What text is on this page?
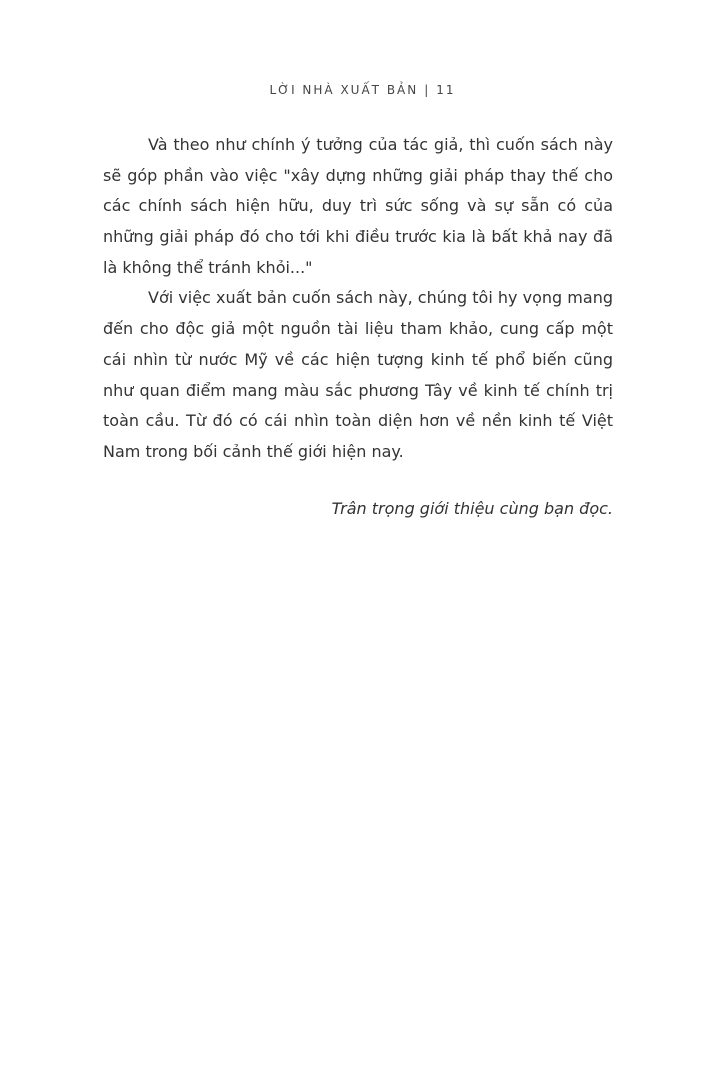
LỜI NHÀ XUẤT BẢN | 11
Và theo như chính ý tưởng của tác giả, thì cuốn sách này
sẽ góp phần vào việc "xây dựng những giải pháp thay thế cho
các chính sách hiện hữu, duy trì sức sống và sự sẵn có của
những giải pháp đó cho tới khi điều trước kia là bất khả nay đã
là không thể tránh khỏi..."
Với việc xuất bản cuốn sách này, chúng tôi hy vọng mang
đến cho độc giả một nguồn tài liệu tham khảo, cung cấp một
cái nhìn từ nước Mỹ về các hiện tượng kinh tế phổ biến cũng
như quan điểm mang màu sắc phương Tây về kinh tế chính trị
toàn cầu. Từ đó có cái nhìn toàn diện hơn về nền kinh tế Việt
Nam trong bối cảnh thế giới hiện nay.
Trân trọng giới thiệu cùng bạn đọc.
